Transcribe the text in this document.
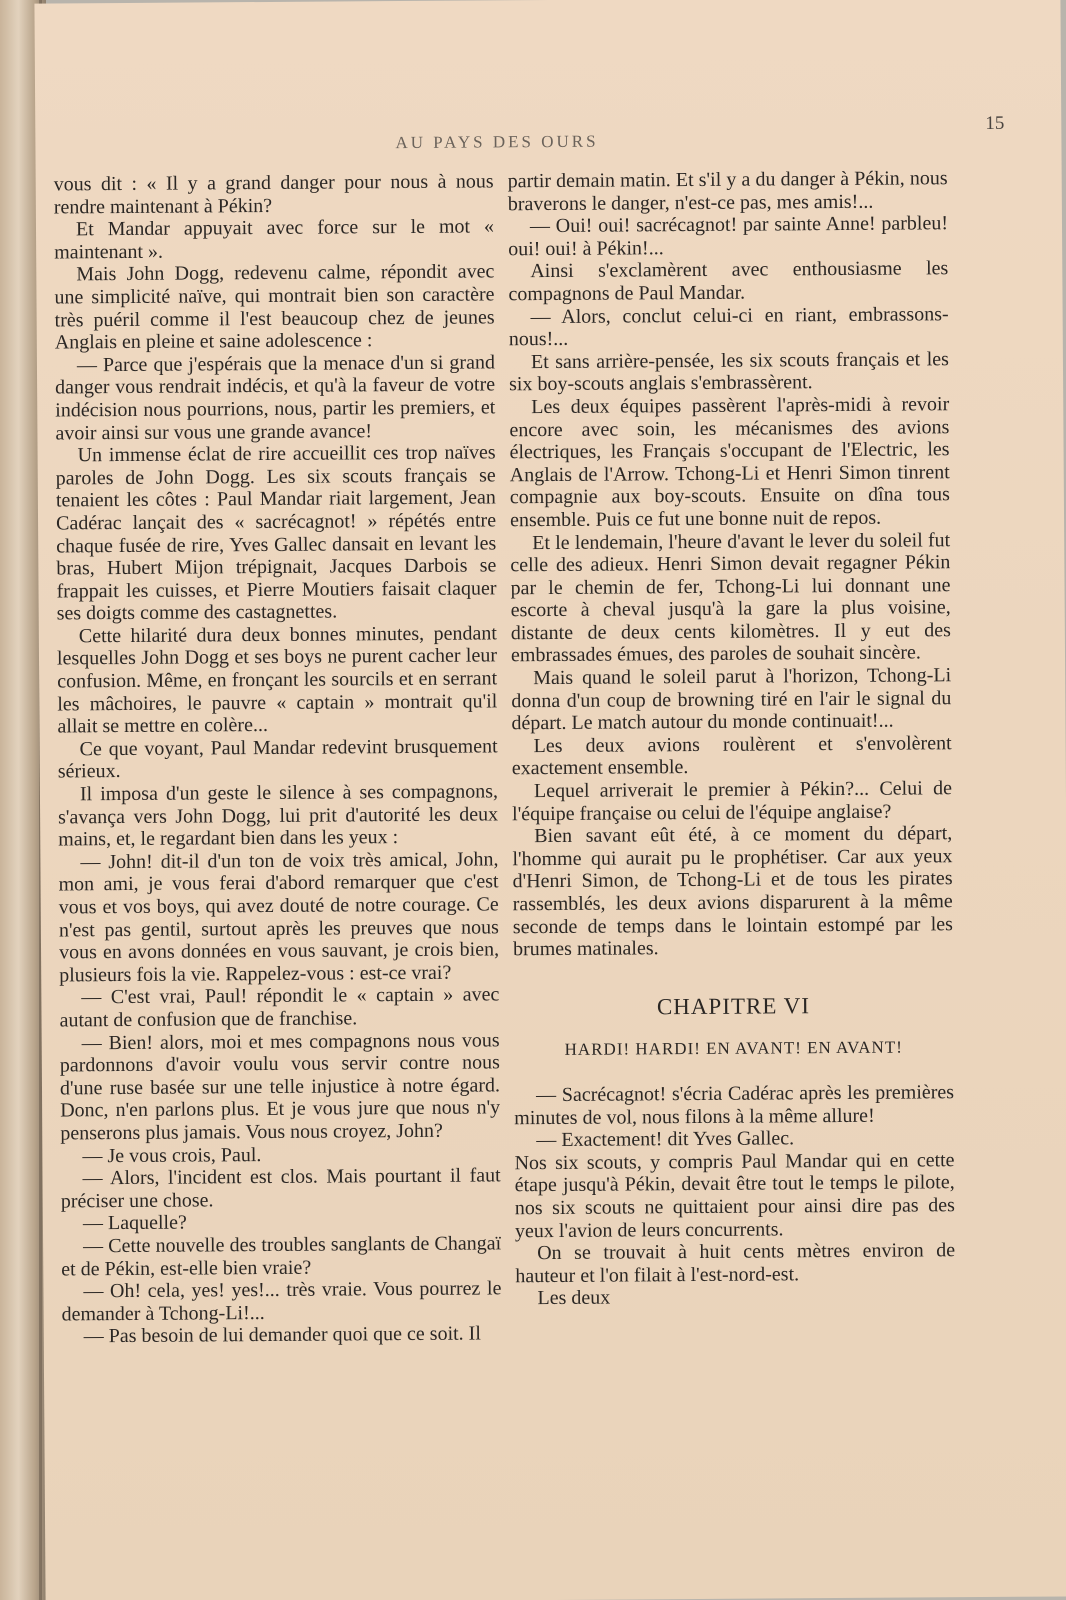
AU PAYS DES OURS
15

vous dit : « Il y a grand danger pour nous à nous rendre maintenant à Pékin?

Et Mandar appuyait avec force sur le mot « maintenant ».

Mais John Dogg, redevenu calme, répondit avec une simplicité naïve, qui montrait bien son caractère très puéril comme il l'est beaucoup chez de jeunes Anglais en pleine et saine adolescence :

— Parce que j'espérais que la menace d'un si grand danger vous rendrait indécis, et qu'à la faveur de votre indécision nous pourrions, nous, partir les premiers, et avoir ainsi sur vous une grande avance!

Un immense éclat de rire accueillit ces trop naïves paroles de John Dogg. Les six scouts français se tenaient les côtes : Paul Mandar riait largement, Jean Cadérac lançait des « sacrécagnot! » répétés entre chaque fusée de rire, Yves Gallec dansait en levant les bras, Hubert Mijon trépignait, Jacques Darbois se frappait les cuisses, et Pierre Moutiers faisait claquer ses doigts comme des castagnettes.

Cette hilarité dura deux bonnes minutes, pendant lesquelles John Dogg et ses boys ne purent cacher leur confusion. Même, en fronçant les sourcils et en serrant les mâchoires, le pauvre « captain » montrait qu'il allait se mettre en colère...

Ce que voyant, Paul Mandar redevint brusquement sérieux.

Il imposa d'un geste le silence à ses compagnons, s'avança vers John Dogg, lui prit d'autorité les deux mains, et, le regardant bien dans les yeux :

— John! dit-il d'un ton de voix très amical, John, mon ami, je vous ferai d'abord remarquer que c'est vous et vos boys, qui avez douté de notre courage. Ce n'est pas gentil, surtout après les preuves que nous vous en avons données en vous sauvant, je crois bien, plusieurs fois la vie. Rappelez-vous : est-ce vrai?

— C'est vrai, Paul! répondit le « captain » avec autant de confusion que de franchise.

— Bien! alors, moi et mes compagnons nous vous pardonnons d'avoir voulu vous servir contre nous d'une ruse basée sur une telle injustice à notre égard. Donc, n'en parlons plus. Et je vous jure que nous n'y penserons plus jamais. Vous nous croyez, John?

— Je vous crois, Paul.

— Alors, l'incident est clos. Mais pourtant il faut préciser une chose.

— Laquelle?

— Cette nouvelle des troubles sanglants de Changaï et de Pékin, est-elle bien vraie?

— Oh! cela, yes! yes!... très vraie. Vous pourrez le demander à Tchong-Li!...

— Pas besoin de lui demander quoi que ce soit. Il

partir demain matin. Et s'il y a du danger à Pékin, nous braverons le danger, n'est-ce pas, mes amis!...

— Oui! oui! sacrécagnot! par sainte Anne! parbleu! oui! oui! à Pékin!...

Ainsi s'exclamèrent avec enthousiasme les compagnons de Paul Mandar.

— Alors, conclut celui-ci en riant, embrassons-nous!...

Et sans arrière-pensée, les six scouts français et les six boy-scouts anglais s'embrassèrent.

Les deux équipes passèrent l'après-midi à revoir encore avec soin, les mécanismes des avions électriques, les Français s'occupant de l'Electric, les Anglais de l'Arrow. Tchong-Li et Henri Simon tinrent compagnie aux boy-scouts. Ensuite on dîna tous ensemble. Puis ce fut une bonne nuit de repos.

Et le lendemain, l'heure d'avant le lever du soleil fut celle des adieux. Henri Simon devait regagner Pékin par le chemin de fer, Tchong-Li lui donnant une escorte à cheval jusqu'à la gare la plus voisine, distante de deux cents kilomètres. Il y eut des embrassades émues, des paroles de souhait sincère.

Mais quand le soleil parut à l'horizon, Tchong-Li donna d'un coup de browning tiré en l'air le signal du départ. Le match autour du monde continuait!...

Les deux avions roulèrent et s'envolèrent exactement ensemble.

Lequel arriverait le premier à Pékin?... Celui de l'équipe française ou celui de l'équipe anglaise?

Bien savant eût été, à ce moment du départ, l'homme qui aurait pu le prophétiser. Car aux yeux d'Henri Simon, de Tchong-Li et de tous les pirates rassemblés, les deux avions disparurent à la même seconde de temps dans le lointain estompé par les brumes matinales.

CHAPITRE VI
HARDI! HARDI! EN AVANT! EN AVANT!

— Sacrécagnot! s'écria Cadérac après les premières minutes de vol, nous filons à la même allure!

— Exactement! dit Yves Gallec.

Nos six scouts, y compris Paul Mandar qui en cette étape jusqu'à Pékin, devait être tout le temps le pilote, nos six scouts ne quittaient pour ainsi dire pas des yeux l'avion de leurs concurrents.

On se trouvait à huit cents mètres environ de hauteur et l'on filait à l'est-nord-est.

Les deux
